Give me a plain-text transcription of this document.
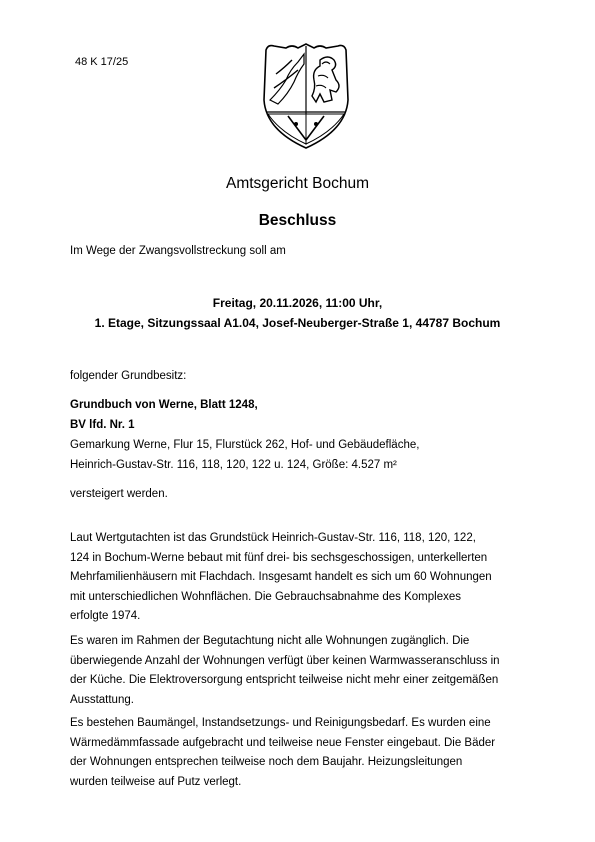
48 K 17/25
Amtsgericht Bochum
Beschluss
Im Wege der Zwangsvollstreckung soll am
Freitag, 20.11.2026, 11:00 Uhr,
1. Etage, Sitzungssaal A1.04, Josef-Neuberger-Straße 1, 44787 Bochum
folgender Grundbesitz:
Grundbuch von Werne, Blatt 1248,
BV lfd. Nr. 1
Gemarkung Werne, Flur 15, Flurstück 262, Hof- und Gebäudefläche,
Heinrich-Gustav-Str. 116, 118, 120, 122 u. 124, Größe: 4.527 m²
versteigert werden.
Laut Wertgutachten ist das Grundstück Heinrich-Gustav-Str. 116, 118, 120, 122,
124 in Bochum-Werne bebaut mit fünf drei- bis sechsgeschossigen, unterkellerten
Mehrfamilienhäusern mit Flachdach. Insgesamt handelt es sich um 60 Wohnungen
mit unterschiedlichen Wohnflächen. Die Gebrauchsabnahme des Komplexes
erfolgte 1974.
Es waren im Rahmen der Begutachtung nicht alle Wohnungen zugänglich. Die
überwiegende Anzahl der Wohnungen verfügt über keinen Warmwasseranschluss in
der Küche. Die Elektroversorgung entspricht teilweise nicht mehr einer zeitgemäßen
Ausstattung.
Es bestehen Baumängel, Instandsetzungs- und Reinigungsbedarf. Es wurden eine
Wärmedämmfassade aufgebracht und teilweise neue Fenster eingebaut. Die Bäder
der Wohnungen entsprechen teilweise noch dem Baujahr. Heizungsleitungen
wurden teilweise auf Putz verlegt.
